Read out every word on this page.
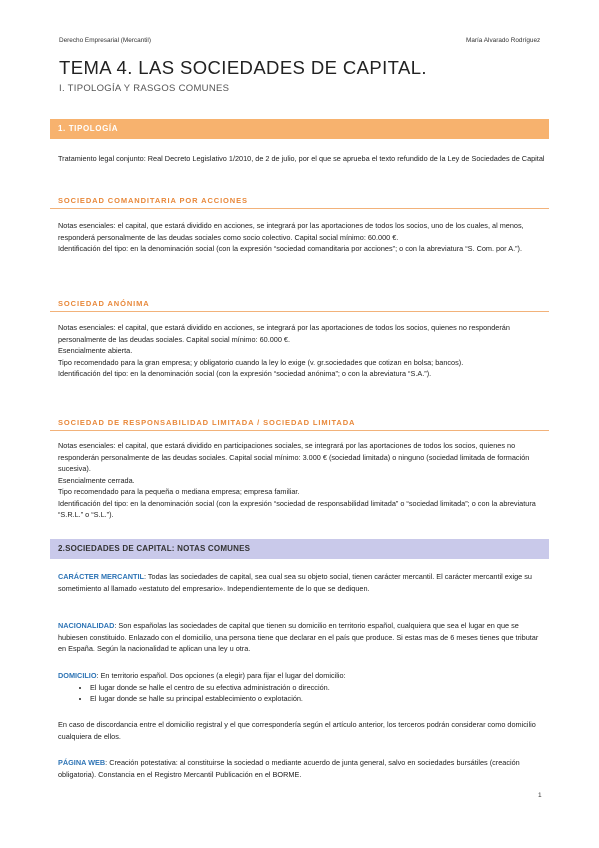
Derecho Empresarial (Mercantil)	María Alvarado Rodríguez
TEMA 4. LAS SOCIEDADES DE CAPITAL.
I. TIPOLOGÍA Y RASGOS COMUNES
1. TIPOLOGÍA
Tratamiento legal conjunto: Real Decreto Legislativo 1/2010, de 2 de julio, por el que se aprueba el texto refundido de la Ley de Sociedades de Capital
SOCIEDAD COMANDITARIA POR ACCIONES

Notas esenciales: el capital, que estará dividido en acciones, se integrará por las aportaciones de todos los socios, uno de los cuales, al menos, responderá personalmente de las deudas sociales como socio colectivo. Capital social mínimo: 60.000 €.

Identificación del tipo: en la denominación social (con la expresión “sociedad comanditaria por acciones”; o con la abreviatura “S. Com. por A.”).

SOCIEDAD ANÓNIMA

Notas esenciales: el capital, que estará dividido en acciones, se integrará por las aportaciones de todos los socios, quienes no responderán personalmente de las deudas sociales. Capital social mínimo: 60.000 €.

Esencialmente abierta.

Tipo recomendado para la gran empresa; y obligatorio cuando la ley lo exige (v. gr.sociedades que cotizan en bolsa; bancos).

Identificación del tipo: en la denominación social (con la expresión “sociedad anónima”; o con la abreviatura “S.A.”).

SOCIEDAD DE RESPONSABILIDAD LIMITADA / SOCIEDAD LIMITADA

Notas esenciales: el capital, que estará dividido en participaciones sociales, se integrará por las aportaciones de todos los socios, quienes no responderán personalmente de las deudas sociales. Capital social mínimo: 3.000 € (sociedad limitada) o ninguno (sociedad limitada de formación sucesiva).

Esencialmente cerrada.

Tipo recomendado para la pequeña o mediana empresa; empresa familiar.

Identificación del tipo: en la denominación social (con la expresión “sociedad de responsabilidad limitada” o “sociedad limitada”; o con la abreviatura “S.R.L.” o “S.L.”).

2.SOCIEDADES DE CAPITAL: NOTAS COMUNES
CARÁCTER MERCANTIL: Todas las sociedades de capital, sea cual sea su objeto social, tienen carácter mercantil. El carácter mercantil exige su sometimiento al llamado «estatuto del empresario». Independientemente de lo que se dediquen.
NACIONALIDAD: Son españolas las sociedades de capital que tienen su domicilio en territorio español, cualquiera que sea el lugar en que se hubiesen constituido. Enlazado con el domicilio, una persona tiene que declarar en el país que produce. Si estas mas de 6 meses tienes que tributar en España. Según la nacionalidad te aplican una ley u otra.

DOMICILIO: En territorio español. Dos opciones (a elegir) para fijar el lugar del domicilio:

• El lugar donde se halle el centro de su efectiva administración o dirección.
• El lugar donde se halle su principal establecimiento o explotación.
En caso de discordancia entre el domicilio registral y el que correspondería según el artículo anterior, los terceros podrán considerar como domicilio cualquiera de ellos.
PÁGINA WEB: Creación potestativa: al constituirse la sociedad o mediante acuerdo de junta general, salvo en sociedades bursátiles (creación obligatoria). Constancia en el Registro Mercantil Publicación en el BORME.
1
